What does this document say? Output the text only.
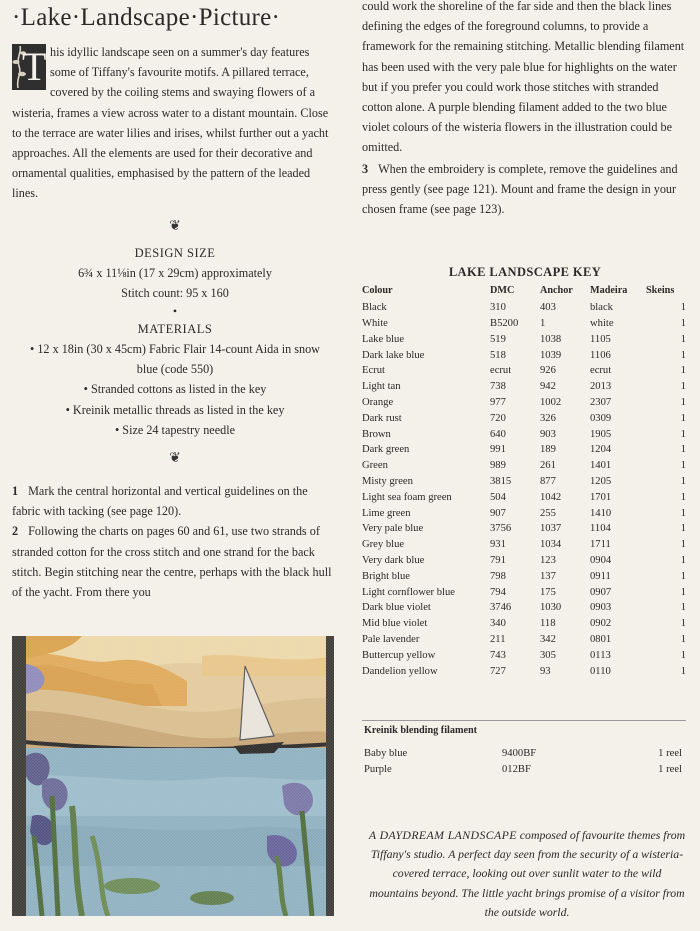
·Lake·Landscape·Picture·

T his idyllic landscape seen on a summer's day features some of Tiffany's favourite motifs. A pillared terrace, covered by the coiling stems and swaying flowers of a wisteria, frames a view across water to a distant mountain. Close to the terrace are water lilies and irises, whilst further out a yacht approaches. All the elements are used for their decorative and ornamental qualities, emphasised by the pattern of the leaded lines.

❦

DESIGN SIZE

6¾ x 11⅛in (17 x 29cm) approximately

Stitch count: 95 x 160

•

MATERIALS

• 12 x 18in (30 x 45cm) Fabric Flair 14-count Aida in snow blue (code 550)

• Stranded cottons as listed in the key

• Kreinik metallic threads as listed in the key

• Size 24 tapestry needle

❦

1 Mark the central horizontal and vertical guidelines on the fabric with tacking (see page 120).

2 Following the charts on pages 60 and 61, use two strands of stranded cotton for the cross stitch and one strand for the back stitch. Begin stitching near the centre, perhaps with the black hull of the yacht. From there you

could work the shoreline of the far side and then the black lines defining the edges of the foreground columns, to provide a framework for the remaining stitching. Metallic blending filament has been used with the very pale blue for highlights on the water but if you prefer you could work those stitches with stranded cotton alone. A purple blending filament added to the two blue violet colours of the wisteria flowers in the illustration could be omitted.

3 When the embroidery is complete, remove the guidelines and press gently (see page 121). Mount and frame the design in your chosen frame (see page 123).

LAKE LANDSCAPE KEY

Colour	DMC	Anchor	Madeira	Skeins
Black	310	403	black	1
White	B5200	1	white	1
Lake blue	519	1038	1105	1
Dark lake blue	518	1039	1106	1
Ecrut	ecrut	926	ecrut	1
Light tan	738	942	2013	1
Orange	977	1002	2307	1
Dark rust	720	326	0309	1
Brown	640	903	1905	1
Dark green	991	189	1204	1
Green	989	261	1401	1
Misty green	3815	877	1205	1
Light sea foam green	504	1042	1701	1
Lime green	907	255	1410	1
Very pale blue	3756	1037	1104	1
Grey blue	931	1034	1711	1
Very dark blue	791	123	0904	1
Bright blue	798	137	0911	1
Light cornflower blue	794	175	0907	1
Dark blue violet	3746	1030	0903	1
Mid blue violet	340	118	0902	1
Pale lavender	211	342	0801	1
Buttercup yellow	743	305	0113	1
Dandelion yellow	727	93	0110	1
Kreinik blending filament
Baby blue	9400BF	1 reel
Purple	012BF	1 reel
A DAYDREAM LANDSCAPE composed of favourite themes from Tiffany's studio. A perfect day seen from the security of a wisteria-covered terrace, looking out over sunlit water to the wild mountains beyond. The little yacht brings promise of a visitor from the outside world.
